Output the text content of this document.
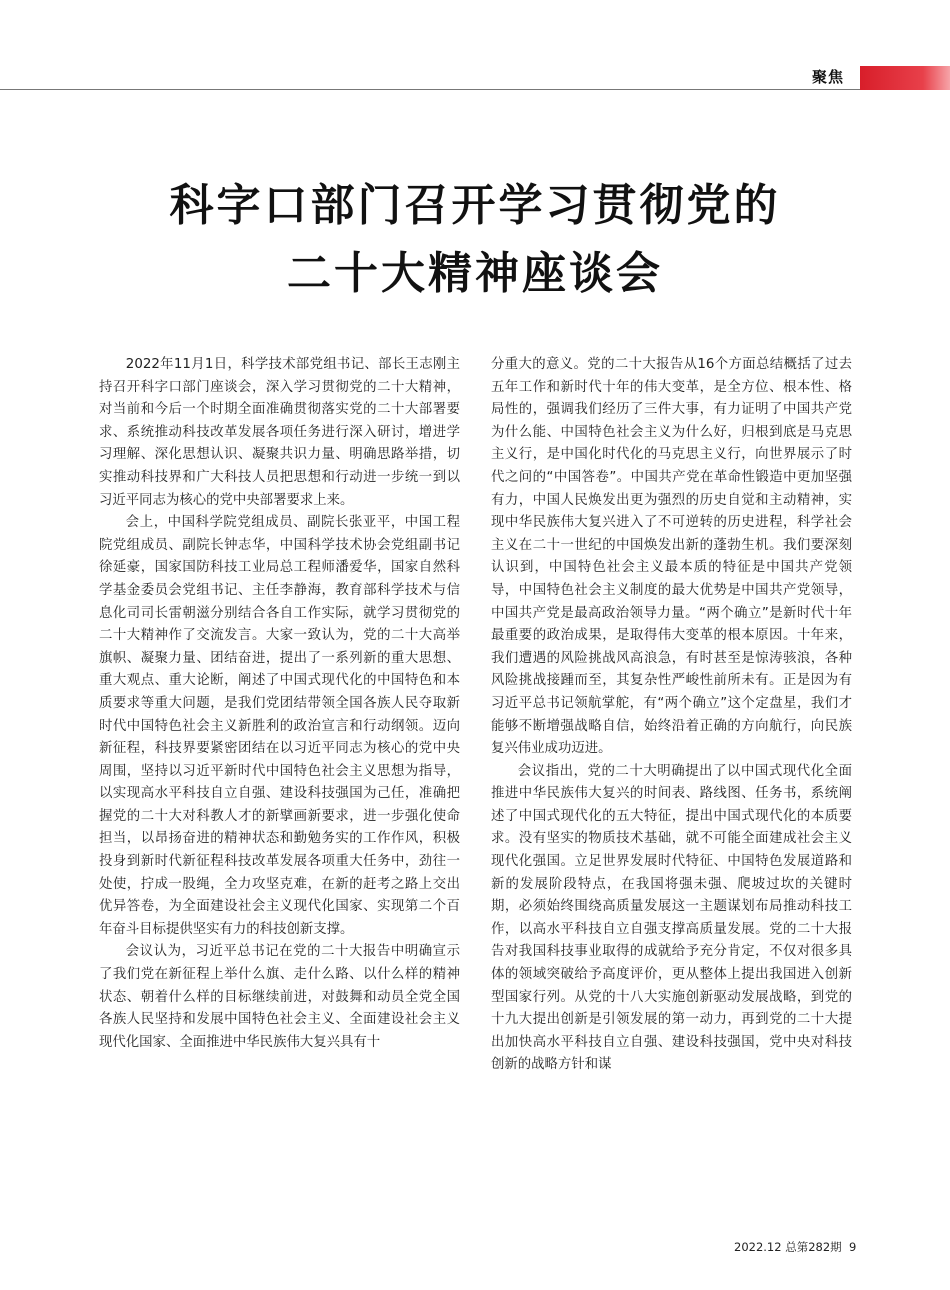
聚焦
科字口部门召开学习贯彻党的
二十大精神座谈会

2022年11月1日，科学技术部党组书记、部长王志刚主持召开科字口部门座谈会，深入学习贯彻党的二十大精神，对当前和今后一个时期全面准确贯彻落实党的二十大部署要求、系统推动科技改革发展各项任务进行深入研讨，增进学习理解、深化思想认识、凝聚共识力量、明确思路举措，切实推动科技界和广大科技人员把思想和行动进一步统一到以习近平同志为核心的党中央部署要求上来。

会上，中国科学院党组成员、副院长张亚平，中国工程院党组成员、副院长钟志华，中国科学技术协会党组副书记徐延豪，国家国防科技工业局总工程师潘爱华，国家自然科学基金委员会党组书记、主任李静海，教育部科学技术与信息化司司长雷朝滋分别结合各自工作实际，就学习贯彻党的二十大精神作了交流发言。大家一致认为，党的二十大高举旗帜、凝聚力量、团结奋进，提出了一系列新的重大思想、重大观点、重大论断，阐述了中国式现代化的中国特色和本质要求等重大问题，是我们党团结带领全国各族人民夺取新时代中国特色社会主义新胜利的政治宣言和行动纲领。迈向新征程，科技界要紧密团结在以习近平同志为核心的党中央周围，坚持以习近平新时代中国特色社会主义思想为指导，以实现高水平科技自立自强、建设科技强国为己任，准确把握党的二十大对科教人才的新擘画新要求，进一步强化使命担当，以昂扬奋进的精神状态和勤勉务实的工作作风，积极投身到新时代新征程科技改革发展各项重大任务中，劲往一处使，拧成一股绳，全力攻坚克难，在新的赶考之路上交出优异答卷，为全面建设社会主义现代化国家、实现第二个百年奋斗目标提供坚实有力的科技创新支撑。

会议认为，习近平总书记在党的二十大报告中明确宣示了我们党在新征程上举什么旗、走什么路、以什么样的精神状态、朝着什么样的目标继续前进，对鼓舞和动员全党全国各族人民坚持和发展中国特色社会主义、全面建设社会主义现代化国家、全面推进中华民族伟大复兴具有十

分重大的意义。党的二十大报告从16个方面总结概括了过去五年工作和新时代十年的伟大变革，是全方位、根本性、格局性的，强调我们经历了三件大事，有力证明了中国共产党为什么能、中国特色社会主义为什么好，归根到底是马克思主义行，是中国化时代化的马克思主义行，向世界展示了时代之问的“中国答卷”。中国共产党在革命性锻造中更加坚强有力，中国人民焕发出更为强烈的历史自觉和主动精神，实现中华民族伟大复兴进入了不可逆转的历史进程，科学社会主义在二十一世纪的中国焕发出新的蓬勃生机。我们要深刻认识到，中国特色社会主义最本质的特征是中国共产党领导，中国特色社会主义制度的最大优势是中国共产党领导，中国共产党是最高政治领导力量。“两个确立”是新时代十年最重要的政治成果，是取得伟大变革的根本原因。十年来，我们遭遇的风险挑战风高浪急，有时甚至是惊涛骇浪，各种风险挑战接踵而至，其复杂性严峻性前所未有。正是因为有习近平总书记领航掌舵，有“两个确立”这个定盘星，我们才能够不断增强战略自信，始终沿着正确的方向航行，向民族复兴伟业成功迈进。

会议指出，党的二十大明确提出了以中国式现代化全面推进中华民族伟大复兴的时间表、路线图、任务书，系统阐述了中国式现代化的五大特征，提出中国式现代化的本质要求。没有坚实的物质技术基础，就不可能全面建成社会主义现代化强国。立足世界发展时代特征、中国特色发展道路和新的发展阶段特点，在我国将强未强、爬坡过坎的关键时期，必须始终围绕高质量发展这一主题谋划布局推动科技工作，以高水平科技自立自强支撑高质量发展。党的二十大报告对我国科技事业取得的成就给予充分肯定，不仅对很多具体的领域突破给予高度评价，更从整体上提出我国进入创新型国家行列。从党的十八大实施创新驱动发展战略，到党的十九大提出创新是引领发展的第一动力，再到党的二十大提出加快高水平科技自立自强、建设科技强国，党中央对科技创新的战略方针和谋

2022.12 总第282期 9
